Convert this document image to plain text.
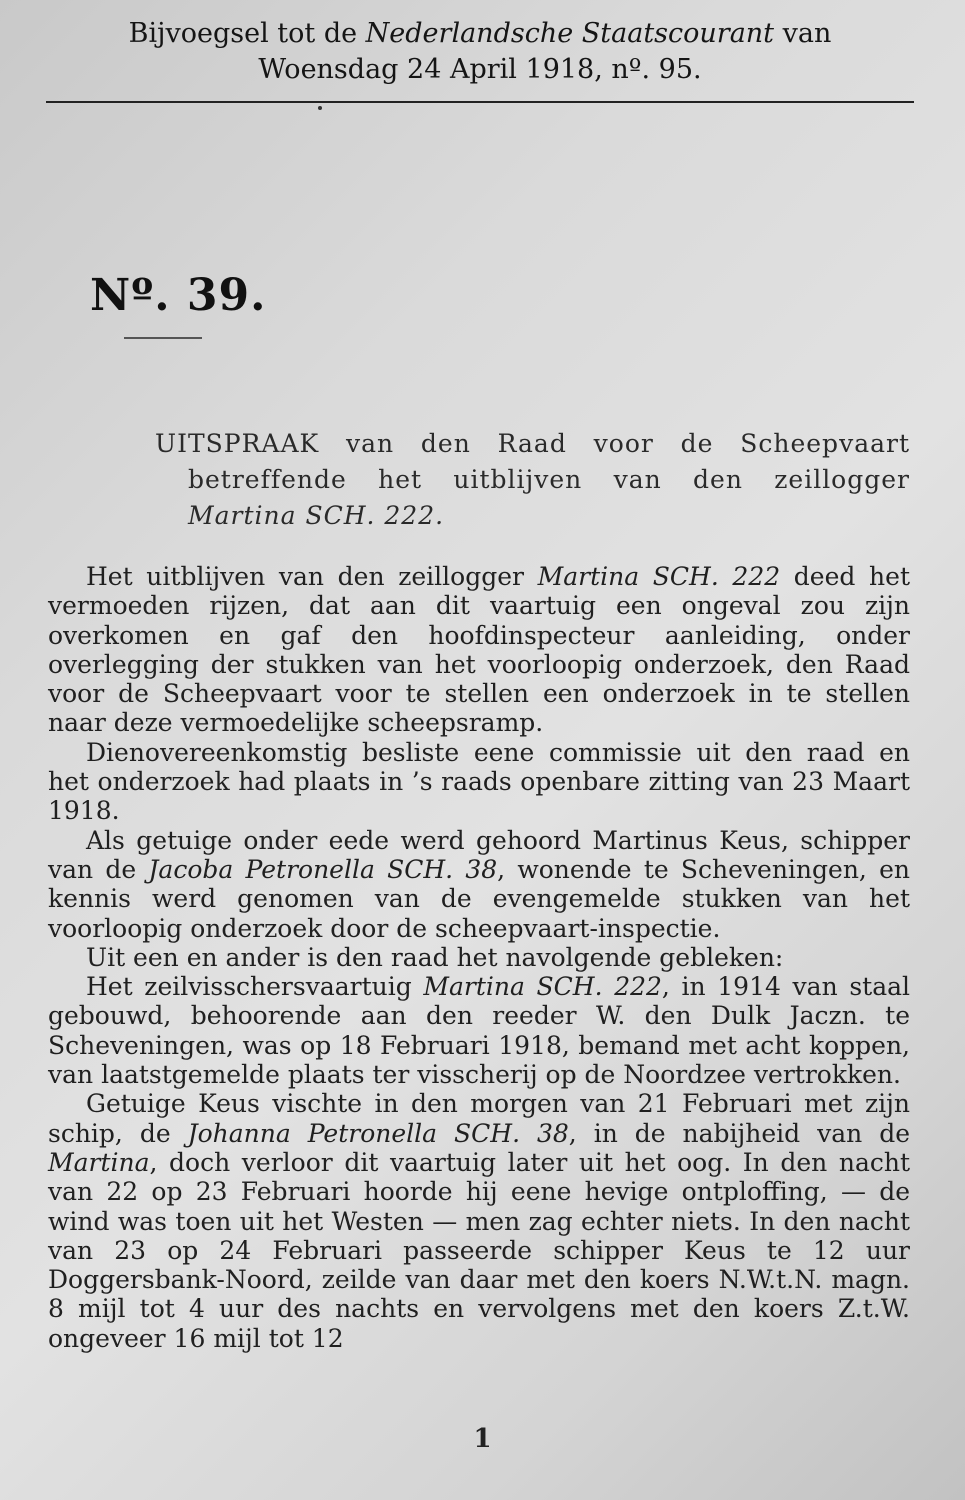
Bijvoegsel tot de Nederlandsche Staatscourant van
Woensdag 24 April 1918, nº. 95.
Nº. 39.
UITSPRAAK van den Raad voor de Scheepvaart
betreffende het uitblijven van den zeillogger
Martina SCH. 222.

Het uitblijven van den zeillogger Martina SCH. 222 deed het vermoeden rijzen, dat aan dit vaartuig een ongeval zou zijn overkomen en gaf den hoofdinspecteur aanleiding, onder overlegging der stukken van het voorloopig onderzoek, den Raad voor de Scheepvaart voor te stellen een onderzoek in te stellen naar deze vermoedelijke scheepsramp.

Dienovereenkomstig besliste eene commissie uit den raad en het onderzoek had plaats in ’s raads openbare zitting van 23 Maart 1918.

Als getuige onder eede werd gehoord Martinus Keus, schipper van de Jacoba Petronella SCH. 38, wonende te Scheveningen, en kennis werd genomen van de evengemelde stukken van het voorloopig onderzoek door de scheepvaart-inspectie.

Uit een en ander is den raad het navolgende gebleken:

Het zeilvisschersvaartuig Martina SCH. 222, in 1914 van staal gebouwd, behoorende aan den reeder W. den Dulk Jaczn. te Scheveningen, was op 18 Februari 1918, bemand met acht koppen, van laatstgemelde plaats ter visscherij op de Noordzee vertrokken.

Getuige Keus vischte in den morgen van 21 Februari met zijn schip, de Johanna Petronella SCH. 38, in de nabijheid van de Martina, doch verloor dit vaartuig later uit het oog. In den nacht van 22 op 23 Februari hoorde hij eene hevige ontploffing, — de wind was toen uit het Westen — men zag echter niets. In den nacht van 23 op 24 Februari passeerde schipper Keus te 12 uur Doggersbank-Noord, zeilde van daar met den koers N.W.t.N. magn. 8 mijl tot 4 uur des nachts en vervolgens met den koers Z.t.W. ongeveer 16 mijl tot 12

1
